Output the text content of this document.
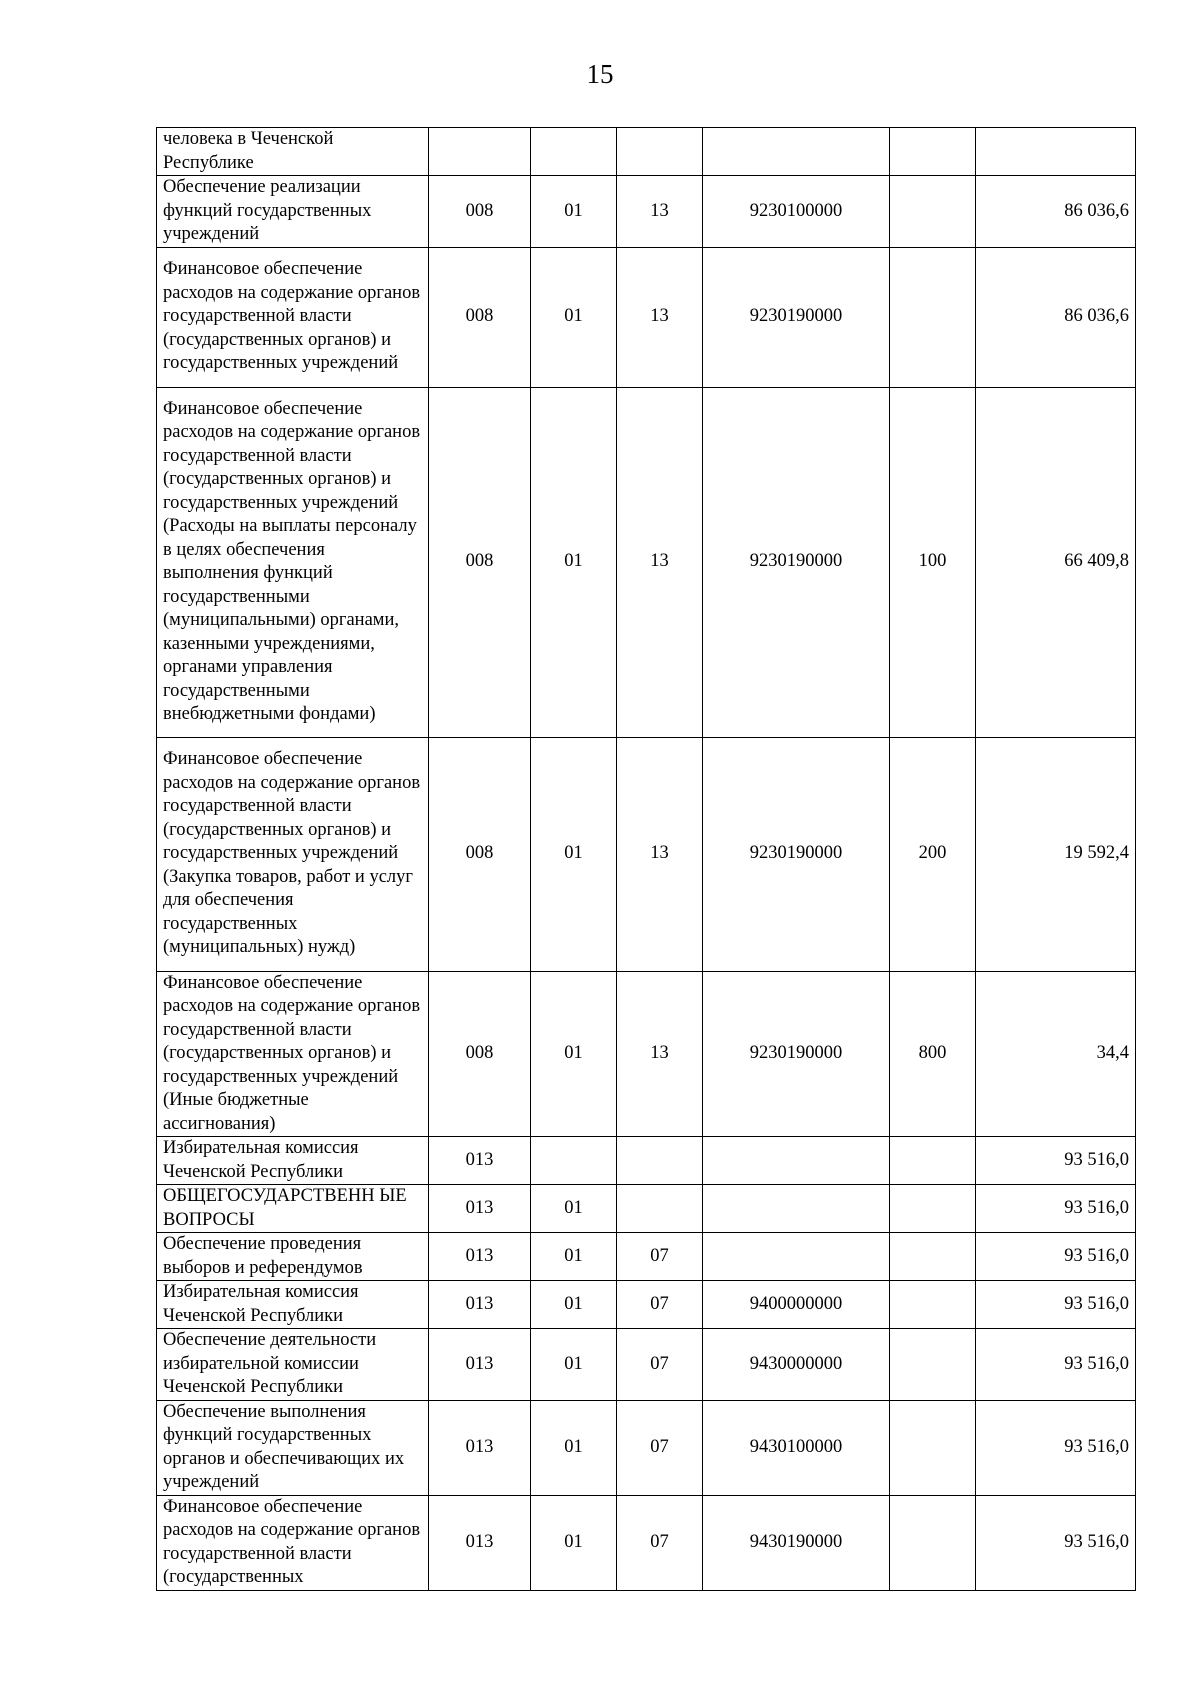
15
человека в Чеченской Республике						
Обеспечение реализации функций государственных учреждений	008	01	13	9230100000		86 036,6
Финансовое обеспечение расходов на содержание органов государственной власти (государственных органов) и государственных учреждений	008	01	13	9230190000		86 036,6
Финансовое обеспечение расходов на содержание органов государственной власти (государственных органов) и государственных учреждений (Расходы на выплаты персоналу в целях обеспечения выполнения функций государственными (муниципальными) органами, казенными учреждениями, органами управления государственными внебюджетными фондами)	008	01	13	9230190000	100	66 409,8
Финансовое обеспечение расходов на содержание органов государственной власти (государственных органов) и государственных учреждений (Закупка товаров, работ и услуг для обеспечения государственных (муниципальных) нужд)	008	01	13	9230190000	200	19 592,4
Финансовое обеспечение расходов на содержание органов государственной власти (государственных органов) и государственных учреждений (Иные бюджетные ассигнования)	008	01	13	9230190000	800	34,4
Избирательная комиссия Чеченской Республики	013					93 516,0
ОБЩЕГОСУДАРСТВЕНН ЫЕ ВОПРОСЫ	013	01				93 516,0
Обеспечение проведения выборов и референдумов	013	01	07			93 516,0
Избирательная комиссия Чеченской Республики	013	01	07	9400000000		93 516,0
Обеспечение деятельности избирательной комиссии Чеченской Республики	013	01	07	9430000000		93 516,0
Обеспечение выполнения функций государственных органов и обеспечивающих их учреждений	013	01	07	9430100000		93 516,0
Финансовое обеспечение расходов на содержание органов государственной власти (государственных	013	01	07	9430190000		93 516,0
